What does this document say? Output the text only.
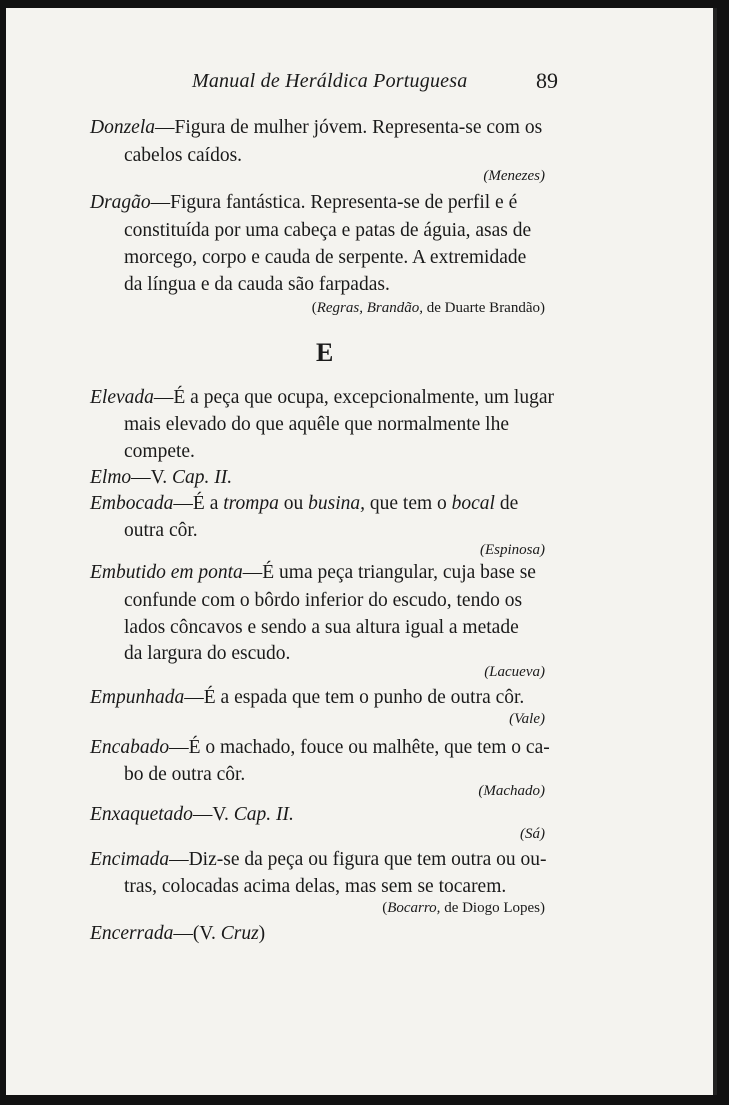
Manual de Heráldica Portuguesa	89
Donzela—Figura de mulher jóvem. Representa-se com os
cabelos caídos.
(Menezes)
Dragão—Figura fantástica. Representa-se de perfil e é
constituída por uma cabeça e patas de águia, asas de
morcego, corpo e cauda de serpente. A extremidade
da língua e da cauda são farpadas.
(Regras, Brandão, de Duarte Brandão)
E
Elevada—É a peça que ocupa, excepcionalmente, um lugar
mais elevado do que aquêle que normalmente lhe
compete.
Elmo—V. Cap. II.
Embocada—É a trompa ou busina, que tem o bocal de
outra côr.
(Espinosa)
Embutido em ponta—É uma peça triangular, cuja base se
confunde com o bôrdo inferior do escudo, tendo os
lados côncavos e sendo a sua altura igual a metade
da largura do escudo.
(Lacueva)
Empunhada—É a espada que tem o punho de outra côr.
(Vale)
Encabado—É o machado, fouce ou malhête, que tem o ca-
bo de outra côr.
(Machado)
Enxaquetado—V. Cap. II.
(Sá)
Encimada—Diz-se da peça ou figura que tem outra ou ou-
tras, colocadas acima delas, mas sem se tocarem.
(Bocarro, de Diogo Lopes)
Encerrada—(V. Cruz)
